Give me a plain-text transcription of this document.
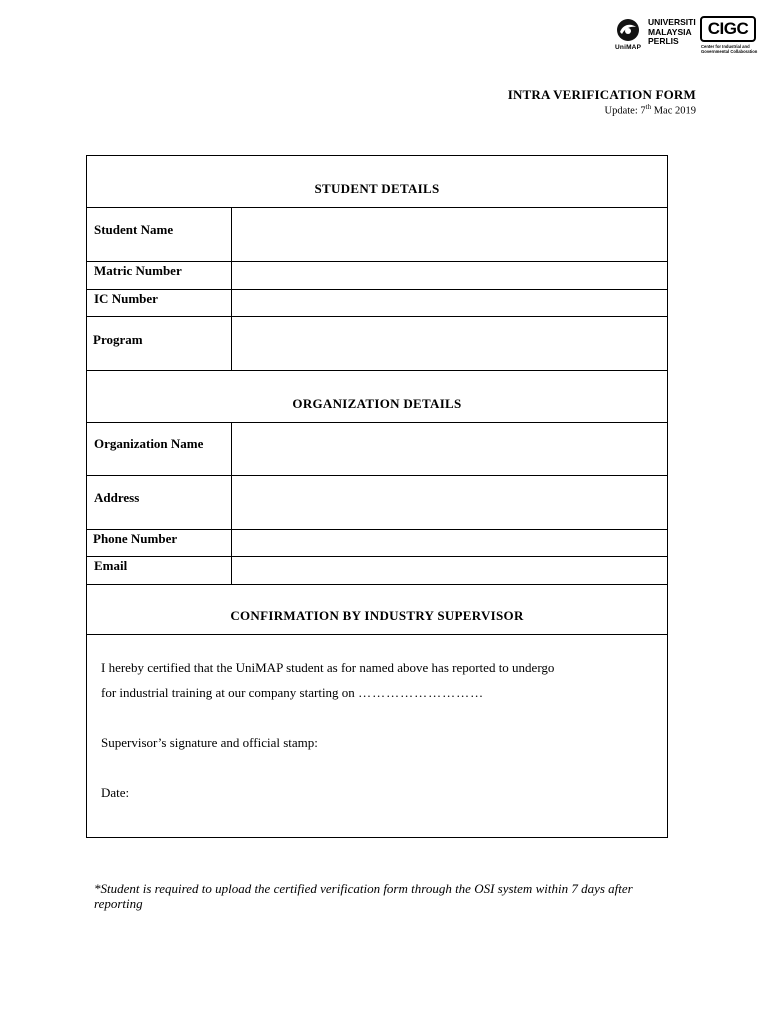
UniMAP
UNIVERSITI
MALAYSIA
PERLIS
CIGC
Center for Industrial and
Governmental Collaboration
INTRA VERIFICATION FORM
Update: 7th Mac 2019
STUDENT DETAILS
Student Name
Matric Number
IC Number
Program
ORGANIZATION DETAILS
Organization Name
Address
Phone Number
Email
CONFIRMATION BY INDUSTRY SUPERVISOR
I hereby certified that the UniMAP student as for named above has reported to undergo
for industrial training at our company starting on ………………………
Supervisor’s signature and official stamp:
Date:
*Student is required to upload the certified verification form through the OSI system within 7 days after reporting
